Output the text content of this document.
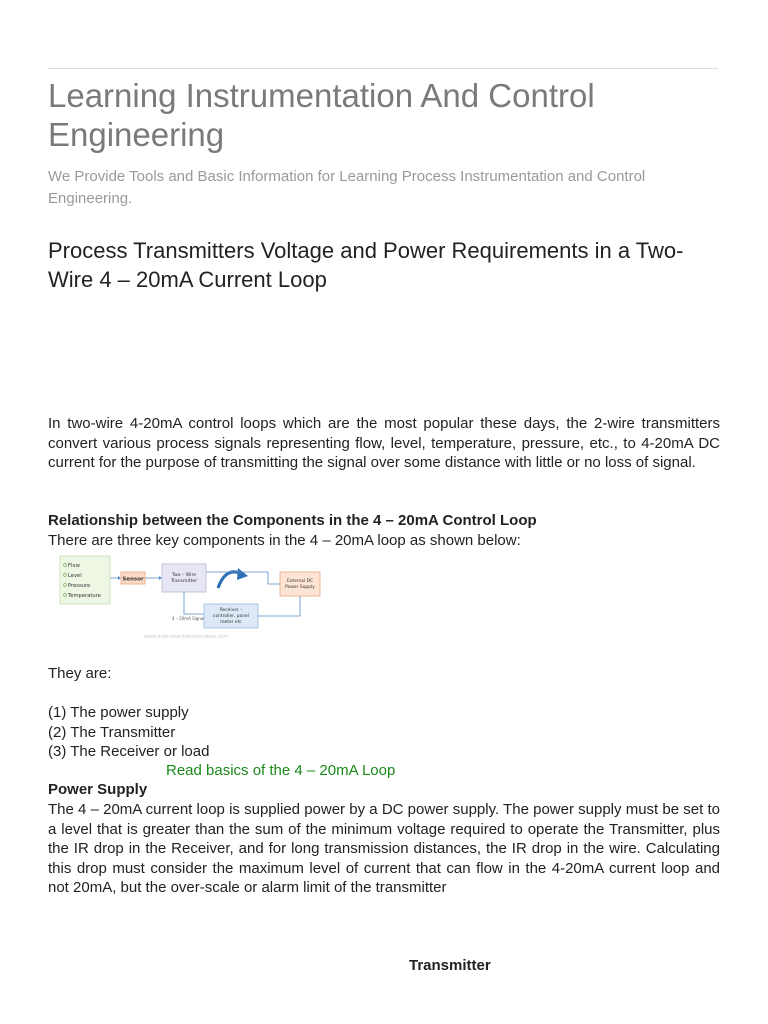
Learning Instrumentation And Control Engineering
We Provide Tools and Basic Information for Learning Process Instrumentation and Control Engineering.
Process Transmitters Voltage and Power Requirements in a Two-Wire 4 – 20mA Current Loop

In two-wire 4-20mA control loops which are the most popular these days, the 2-wire transmitters convert various process signals representing flow, level, temperature, pressure, etc., to 4-20mA DC current for the purpose of transmitting the signal over some distance with little or no loss of signal.

Relationship between the Components in the 4 – 20mA Control Loop
There are three key components in the 4 – 20mA loop as shown below:
Flow
Level
Pressure
Temperature
Sensor
Two – Wire
Transmitter	External DC
Power Supply
Receiver –
controller, panel
meter etc
4 – 20mA Signal
www.instrumentationtoolbox.com
They are:
(1) The power supply
(2) The Transmitter
(3) The Receiver or load
Read basics of the 4 – 20mA Loop
Power Supply

The 4 – 20mA current loop is supplied power by a DC power supply. The power supply must be set to a level that is greater than the sum of the minimum voltage required to operate the Transmitter, plus the IR drop in the Receiver, and for long transmission distances, the IR drop in the wire. Calculating this drop must consider the maximum level of current that can flow in the 4-20mA current loop and not 20mA, but the over-scale or alarm limit of the transmitter

Transmitter
